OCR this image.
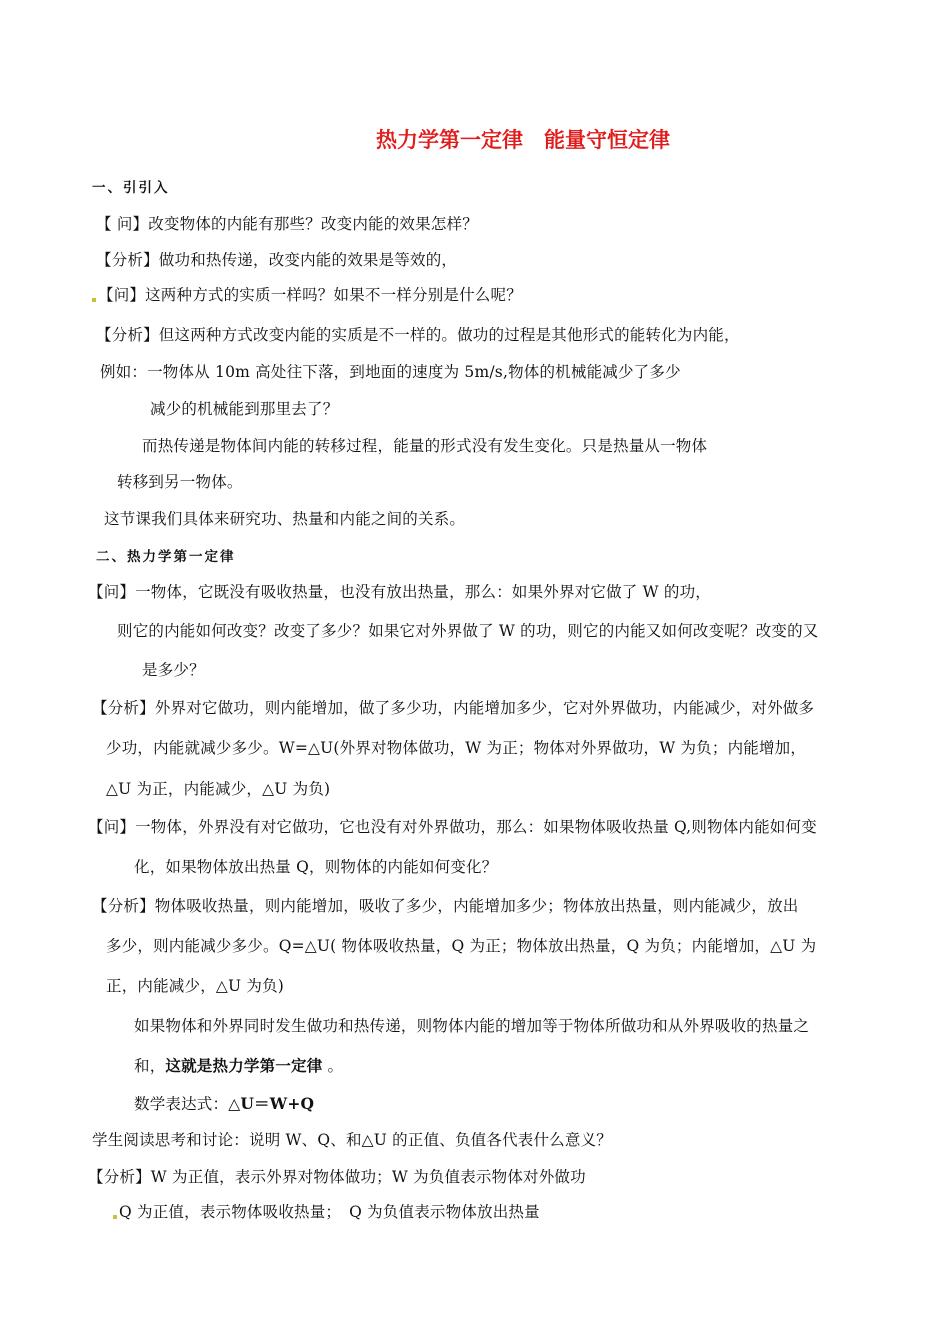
热力学第一定律　能量守恒定律
一、引引入
【 问】改变物体的内能有那些？改变内能的效果怎样？
【分析】做功和热传递，改变内能的效果是等效的，
【问】这两种方式的实质一样吗？如果不一样分别是什么呢？
【分析】但这两种方式改变内能的实质是不一样的。做功的过程是其他形式的能转化为内能，
例如：一物体从 10m 高处往下落，到地面的速度为 5m/s,物体的机械能减少了多少
减少的机械能到那里去了？
而热传递是物体间内能的转移过程，能量的形式没有发生变化。只是热量从一物体
转移到另一物体。
这节课我们具体来研究功、热量和内能之间的关系。
二、热力学第一定律
【问】一物体，它既没有吸收热量，也没有放出热量，那么：如果外界对它做了 W 的功，
则它的内能如何改变？改变了多少？如果它对外界做了 W 的功，则它的内能又如何改变呢？改变的又
是多少？
【分析】外界对它做功，则内能增加，做了多少功，内能增加多少，它对外界做功，内能减少，对外做多
少功，内能就减少多少。W=△U(外界对物体做功，W 为正；物体对外界做功，W 为负；内能增加，
△U 为正，内能减少，△U 为负)
【问】一物体，外界没有对它做功，它也没有对外界做功，那么：如果物体吸收热量 Q,则物体内能如何变
化，如果物体放出热量 Q，则物体的内能如何变化？
【分析】物体吸收热量，则内能增加，吸收了多少，内能增加多少；物体放出热量，则内能减少，放出
多少，则内能减少多少。Q=△U( 物体吸收热量，Q 为正；物体放出热量，Q 为负；内能增加，△U 为
正，内能减少，△U 为负)
如果物体和外界同时发生做功和热传递，则物体内能的增加等于物体所做功和从外界吸收的热量之
和，这就是热力学第一定律 。
数学表达式：△U＝W+Q
学生阅读思考和讨论：说明 W、Q、和△U 的正值、负值各代表什么意义？
【分析】W 为正值，表示外界对物体做功；W 为负值表示物体对外做功
Q 为正值，表示物体吸收热量；　Q 为负值表示物体放出热量
